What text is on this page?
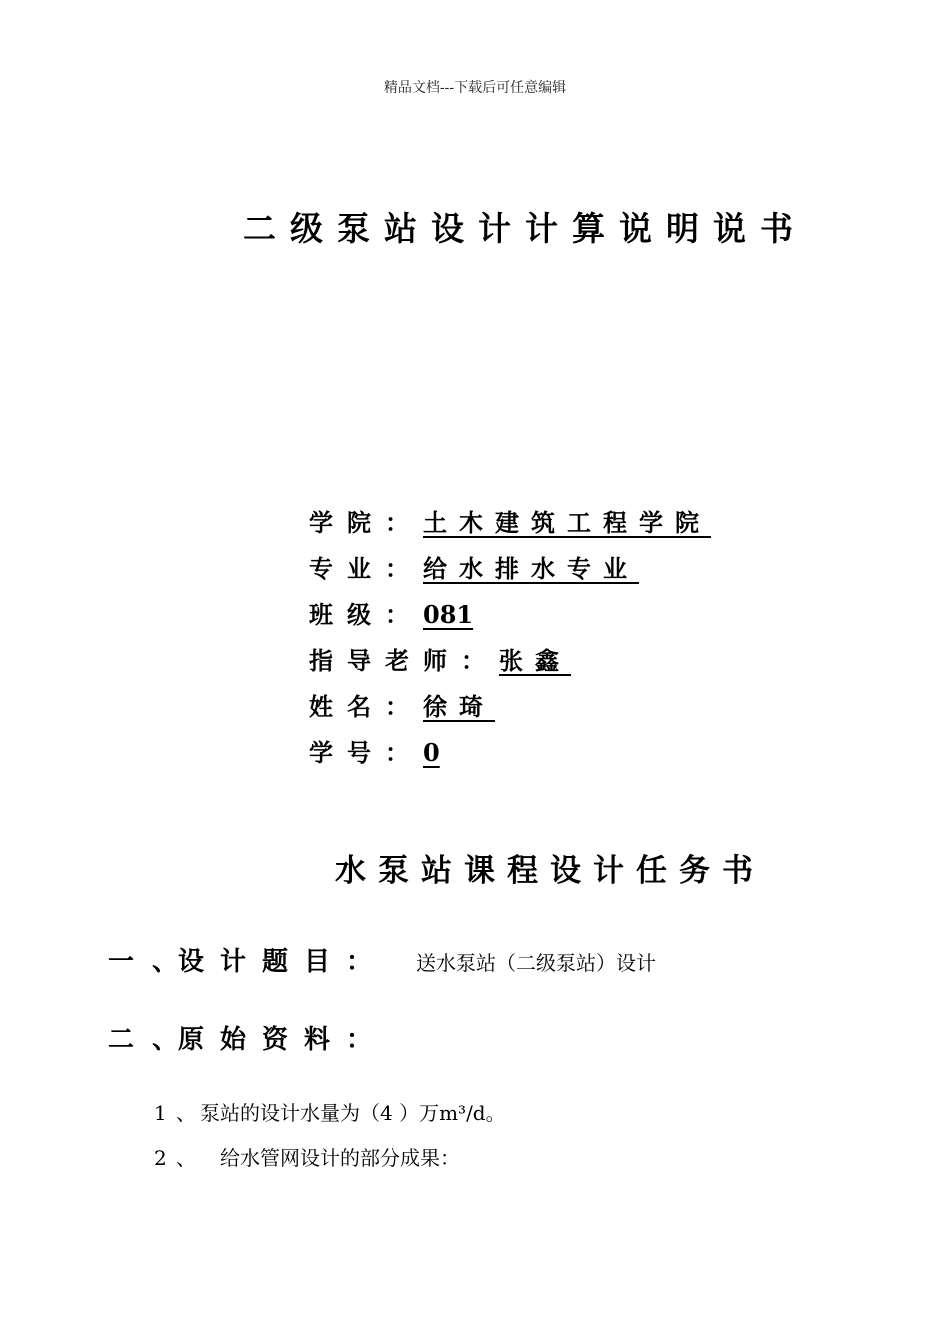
精品文档---下载后可任意编辑
二级泵站设计计算说明说书
学院：土木建筑工程学院
专业：给水排水专业
班级：081
指导老师：张鑫
姓名：徐琦
学号：0
水泵站课程设计任务书
一 、设计题目： 送水泵站（二级泵站）设计
二 、原始资料：
1 、 泵站的设计水量为（4 ）万m³/d。
2 、 给水管网设计的部分成果：
